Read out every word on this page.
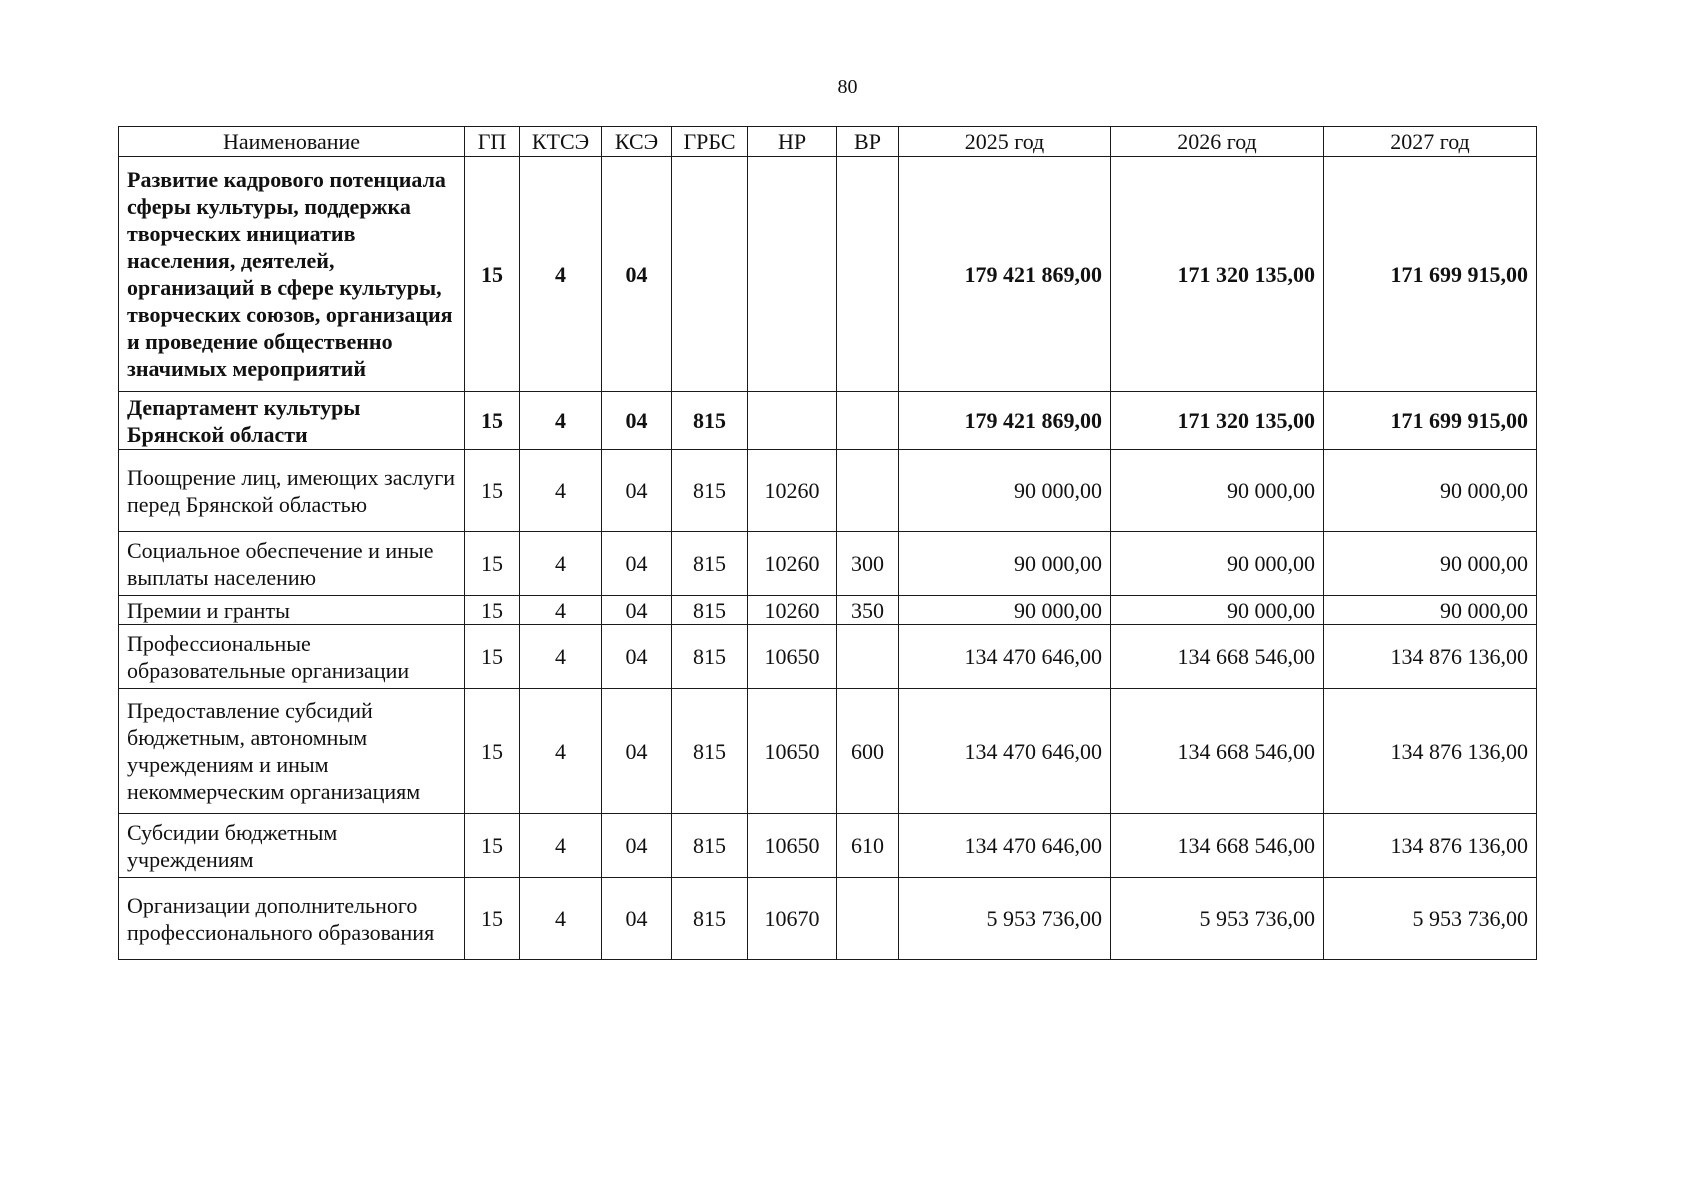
80
Наименование	ГП	КТСЭ	КСЭ	ГРБС	НР	ВР	2025 год	2026 год	2027 год
Развитие кадрового потенциала сферы культуры, поддержка творческих инициатив населения, деятелей, организаций в сфере культуры, творческих союзов, организация и проведение общественно значимых мероприятий	15	4	04				179 421 869,00	171 320 135,00	171 699 915,00
Департамент культуры Брянской области	15	4	04	815			179 421 869,00	171 320 135,00	171 699 915,00
Поощрение лиц, имеющих заслуги перед Брянской областью	15	4	04	815	10260		90 000,00	90 000,00	90 000,00
Социальное обеспечение и иные выплаты населению	15	4	04	815	10260	300	90 000,00	90 000,00	90 000,00
Премии и гранты	15	4	04	815	10260	350	90 000,00	90 000,00	90 000,00
Профессиональные образовательные организации	15	4	04	815	10650		134 470 646,00	134 668 546,00	134 876 136,00
Предоставление субсидий бюджетным, автономным учреждениям и иным некоммерческим организациям	15	4	04	815	10650	600	134 470 646,00	134 668 546,00	134 876 136,00
Субсидии бюджетным учреждениям	15	4	04	815	10650	610	134 470 646,00	134 668 546,00	134 876 136,00
Организации дополнительного профессионального образования	15	4	04	815	10670		5 953 736,00	5 953 736,00	5 953 736,00
